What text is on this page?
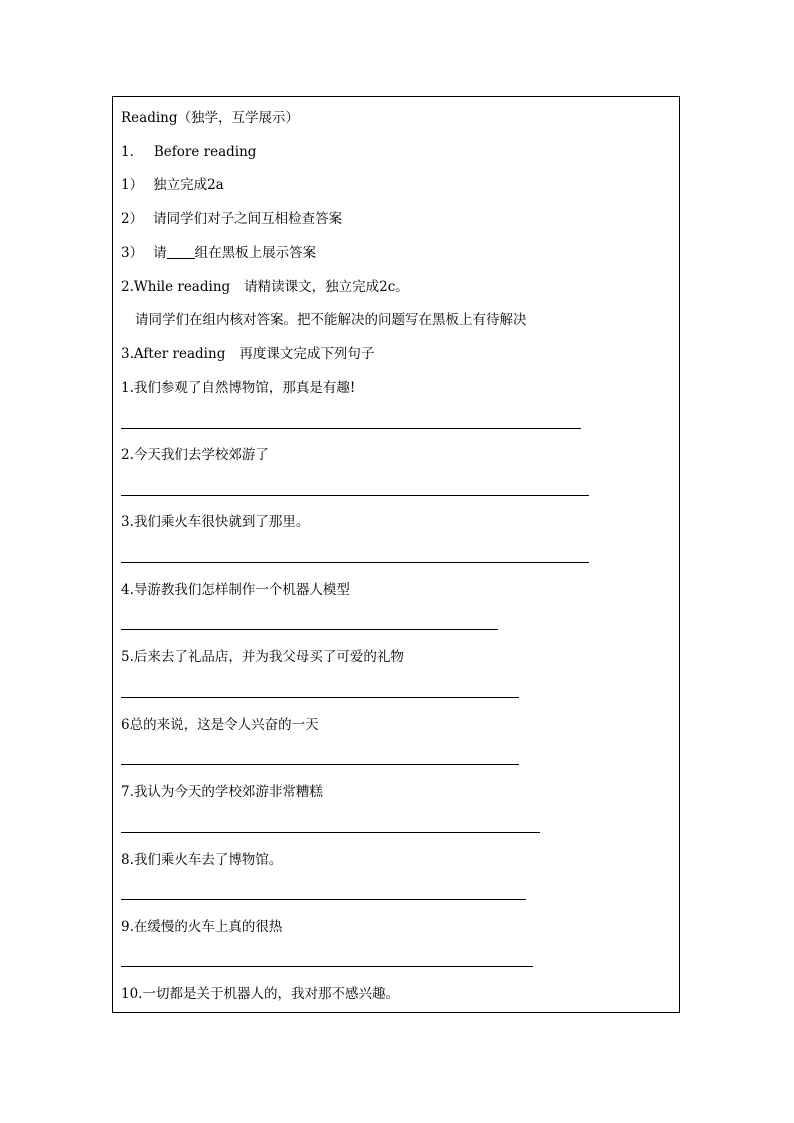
Reading（独学，互学展示）
1. Before reading
1） 独立完成2a
2） 请同学们对子之间互相检查答案
3） 请 组在黑板上展示答案
2.While reading 请精读课文，独立完成2c。
请同学们在组内核对答案。把不能解决的问题写在黑板上有待解决
3.After reading 再度课文完成下列句子
1.我们参观了自然博物馆，那真是有趣!
2.今天我们去学校郊游了
3.我们乘火车很快就到了那里。
4.导游教我们怎样制作一个机器人模型
5.后来去了礼品店，并为我父母买了可爱的礼物
6总的来说，这是令人兴奋的一天
7.我认为今天的学校郊游非常糟糕
8.我们乘火车去了博物馆。
9.在缓慢的火车上真的很热
10.一切都是关于机器人的，我对那不感兴趣。
